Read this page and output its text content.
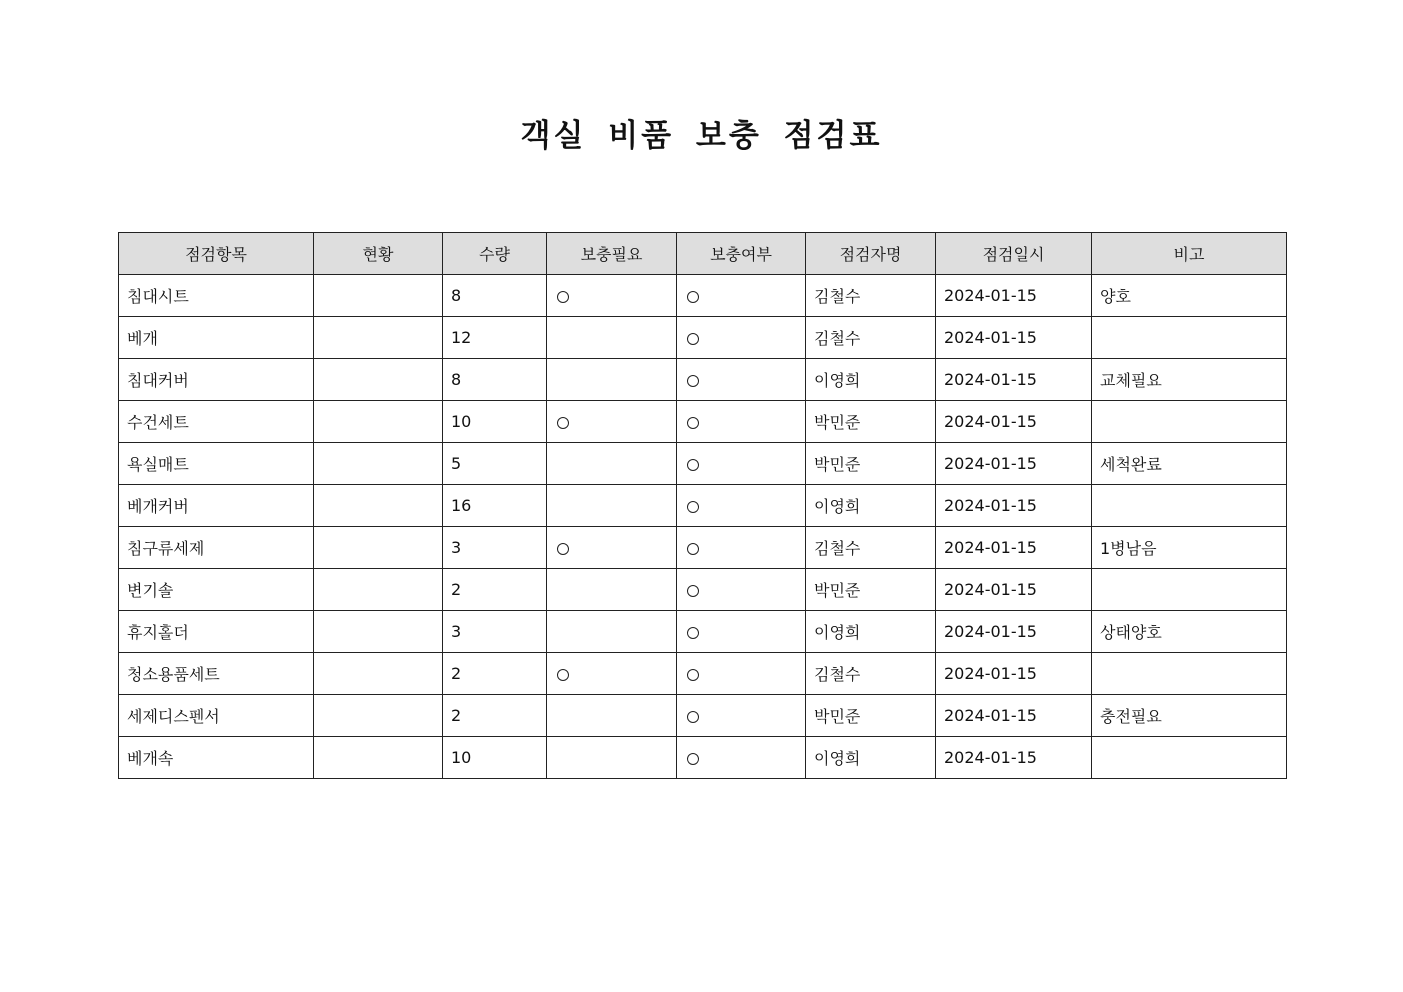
객실 비품 보충 점검표
점검항목	현황	수량	보충필요	보충여부	점검자명	점검일시	비고
침대시트		8			김철수	2024-01-15	양호
베개		12			김철수	2024-01-15	
침대커버		8			이영희	2024-01-15	교체필요
수건세트		10			박민준	2024-01-15	
욕실매트		5			박민준	2024-01-15	세척완료
베개커버		16			이영희	2024-01-15	
침구류세제		3			김철수	2024-01-15	1병남음
변기솔		2			박민준	2024-01-15	
휴지홀더		3			이영희	2024-01-15	상태양호
청소용품세트		2			김철수	2024-01-15	
세제디스펜서		2			박민준	2024-01-15	충전필요
베개속		10			이영희	2024-01-15	
